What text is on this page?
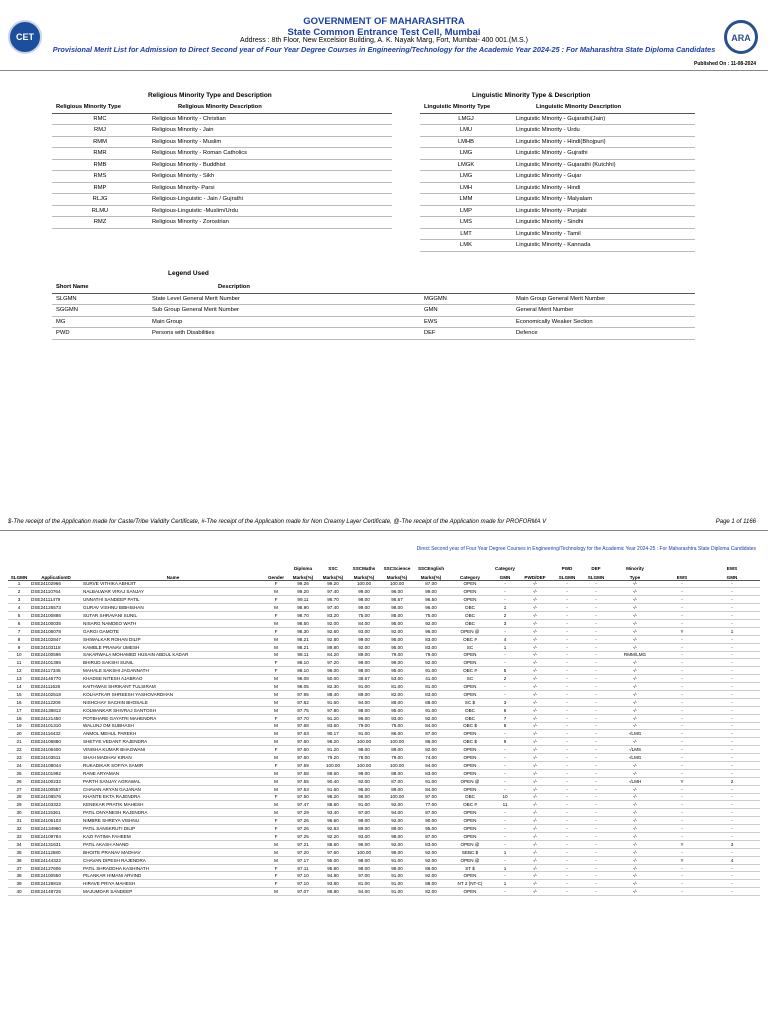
CET
GOVERNMENT OF MAHARASHTRA
State Common Entrance Test Cell, Mumbai
Address : 8th Floor, New Excelsior Building, A. K. Nayak Marg, Fort, Mumbai- 400 001.(M.S.)
Provisional Merit List for Admission to Direct Second year of Four Year Degree Courses in Engineering/Technology for the Academic Year 2024-25 : For Maharashtra State Diploma Candidates
Published On : 11-08-2024
ARA
Religious Minority Type and Description
Religious Minority Type	Religious Minority Description
RMC	Religious Minority - Christian
RMJ	Religious Minority - Jain
RMM	Religious Minority - Muslim
RMR	Religious Minority - Roman Catholics
RMB	Religious Minority - Buddhist
RMS	Religious Minority - Sikh
RMP	Religious Minority- Parsi
RLJG	Religious-Linguistic - Jain / Gujrathi
RLMU	Religious-Linguistic -Muslim/Urdu
RMZ	Religious Minority - Zorostrian
Linguistic Minority Type & Description
Linguistic Minority Type	Linguistic Minority Description
LMGJ	Linguistic Minority - Gujarathi(Jain)
LMU	Linguistic Minority - Urdu
LMHB	Linguistic Minority - Hindi(Bhojpuri)
LMG	Linguistic Minority - Gujrathi
LMGK	Linguistic Minority - Gujarathi (Kutchhi)
LMG	Linguistic Minority - Gujar
LMH	Linguistic Minority - Hindi
LMM	Linguistic Minority - Malyalam
LMP	Linguistic Minority - Punjabi
LMS	Linguistic Minority - Sindhi
LMT	Linguistic Minority - Tamil
LMK	Linguistic Minority - Kannada
Legend Used
Short Name	Description		
SLGMN	State Level General Merit Number	MGGMN	Main Group General Merit Number
SGGMN	Sub Group General Merit Number	GMN	General Merit Number
MG	Main Group	EWS	Economically Weaker Section
PWD	Persons with Disabilities	DEF	Defence
$-The receipt of the Application made for Caste/Tribe Validity Certificate, #-The receipt of the Application made for Non Creamy Layer Certificate, @-The receipt of the Application made for PROFORMA V	Page 1 of 1166
Direct Second year of Four Year Degree Courses in Engineering/Technology for the Academic Year 2024-25 : For Maharashtra State Diploma Candidates
				Diploma	SSC	SSCMaths	SSCScience	SSCEnglish		Category		PWD	DEF	Minority		EWS
SLGMN	ApplicationID	Name	Gender	Marks(%)	Marks(%)	Marks(%)	Marks(%)	Marks(%)	Category	GMN	PWD/DEF	SLGMN	SLGMN	Type	EWS	GMN
1	DSE24102966	SURVE VITHIKA ABHIJIT	F	99.26	99.20	100.00	100.00	87.00	OPEN	-	-/-	-	-	-/-	-	-
2	DSE24110764	NALBALWAR VIRAJ SANJAY	M	99.20	97.40	99.00	96.00	99.00	OPEN	-	-/-	-	-	-/-	-	-
3	DSE24111479	UNNATHI SANDEEP PATIL	F	99.11	96.70	98.00	95.67	96.50	OPEN	-	-/-	-	-	-/-	-	-
4	DSE24126573	GURAV VISHNU BIBHISHAN	M	98.90	97.40	99.00	98.00	96.00	OBC	1	-/-	-	-	-/-	-	-
5	DSE24100886	SUTAR SHRAVANI SUNIL	F	98.70	83.20	75.00	88.00	75.00	OBC	2	-/-	-	-	-/-	-	-
6	DSE24100035	NISARG NAMDEO WATH	M	98.50	92.00	84.00	95.00	92.00	OBC	3	-/-	-	-	-/-	-	-
7	DSE24105078	GARGI GAMOTE	F	98.30	92.60	93.00	92.00	96.00	OPEN @	-	-/-	-	-	-/-	Y	1
8	DSE24102847	SHIWALKAR ROHAN DILIP	M	98.21	92.80	99.00	95.00	83.00	OBC #	4	-/-	-	-	-/-	-	-
9	DSE24103118	KAMBLE PRANAV UMESH	M	98.21	89.80	92.00	95.00	83.00	SC	1	-/-	-	-	-/-	-	-
10	DSE24100596	SAKARWALA MOHAMED HUSAIN ABDUL KADAR	M	98.11	84.20	89.00	79.00	79.00	OPEN	-	-/-	-	-	RMM/LMG	-	-
11	DSE24101365	BHIRUD SAKSHI SUNIL	F	98.10	97.20	99.00	99.00	92.00	OPEN	-	-/-	-	-	-/-	-	-
12	DSE24117345	MAHALE SAKSHI JAGANNATH	F	98.10	96.00	98.00	95.00	91.00	OBC #	5	-/-	-	-	-/-	-	-
13	DSE24146770	KHADSE NITESH AJABRAO	M	98.08	50.00	38.67	53.00	41.00	SC	2	-/-	-	-	-/-	-	-
14	DSE24111626	KAITHWAS SHRIKANT TULSIRAM	M	98.05	82.30	91.00	81.00	81.00	OPEN	-	-/-	-	-	-/-	-	-
15	DSE24102518	KOLHATKAR SHREESH YASHOVARDHAN	M	97.95	88.40	89.00	82.00	83.00	OPEN	-	-/-	-	-	-/-	-	-
16	DSE24112206	NISHCHAY SACHIN BHOSALE	M	97.82	91.60	94.00	88.00	88.00	SC $	3	-/-	-	-	-/-	-	-
17	DSE24138812	KOLWANKAR SHIVRAJ SANTOSH	M	97.75	97.80	98.00	95.00	91.00	OBC	6	-/-	-	-	-/-	-	-
18	DSE24121450	POTBHARE GAYATRI MAHENDRA	F	97.70	91.20	96.00	93.00	92.00	OBC	7	-/-	-	-	-/-	-	-
19	DSE24101310	WALUNJ OM SUBHASH	M	97.68	83.60	79.00	75.00	84.00	OBC $	8	-/-	-	-	-/-	-	-
20	DSE24116432	ANMOL MEHUL PAREKH	M	97.63	90.17	91.00	86.00	87.00	OPEN	-	-/-	-	-	-/LMG	-	-
21	DSE24108880	SHETYE VEDANT RAJENDRA	M	97.60	98.20	100.00	100.00	86.00	OBC $	9	-/-	-	-	-/-	-	-
22	DSE24106400	VINISHA KUMAR BHAGWANI	F	97.60	91.20	98.00	89.00	82.00	OPEN	-	-/-	-	-	-/LMS	-	-
23	DSE24103511	SHAH MADHAV KIRAN	M	97.60	79.20	78.00	79.00	74.00	OPEN	-	-/-	-	-	-/LMG	-	-
24	DSE24108044	RUKADIKAR SOFIYA SAMIR	F	97.59	100.00	100.00	100.00	94.00	OPEN	-	-/-	-	-	-/-	-	-
25	DSE24101992	RANE ARYAMAN	M	97.58	89.60	99.00	88.00	83.00	OPEN	-	-/-	-	-	-/-	-	-
26	DSE24100232	PARTH SANJAY AGRAWAL	M	97.55	90.40	92.00	87.00	91.00	OPEN @	-	-/-	-	-	-/LMH	Y	2
27	DSE24100557	CHAVAN ARYAN GAJANAN	M	97.53	91.60	96.00	89.00	84.00	OPEN	-	-/-	-	-	-/-	-	-
28	DSE24108576	KHANTE EKTA RAJENDRA	F	97.50	98.20	96.00	100.00	97.00	OBC	10	-/-	-	-	-/-	-	-
29	DSE24103322	KENEKAR PRATIK MAHESH	M	97.47	88.60	91.00	92.00	77.00	OBC #	11	-/-	-	-	-/-	-	-
30	DSE24115361	PATIL DNYANESH RAJENDRA	M	97.29	93.40	97.00	94.00	87.00	OPEN	-	-/-	-	-	-/-	-	-
31	DSE24106103	NIMBRE SHREYA VISHNU	F	97.26	96.60	99.00	92.00	90.00	OPEN	-	-/-	-	-	-/-	-	-
32	DSE24134960	PATIL SANSKRUTI DILIP	F	97.26	92.83	89.00	89.00	95.00	OPEN	-	-/-	-	-	-/-	-	-
33	DSE24109784	KAZI FATIMA FAHEEM	F	97.25	92.20	93.00	98.00	87.00	OPEN	-	-/-	-	-	-/-	-	-
34	DSE24131631	PATIL AKASH ANAND	M	97.21	88.60	96.00	92.00	83.00	OPEN @	-	-/-	-	-	-/-	Y	3
35	DSE24112580	BHOITE PRANAV MADHAV	M	97.20	97.60	100.00	96.00	92.00	SEBC $	1	-/-	-	-	-/-	-	-
36	DSE24144322	CHAVAN DIPESH RAJENDRA	M	97.17	95.00	98.00	91.00	92.00	OPEN @	-	-/-	-	-	-/-	Y	4
37	DSE24127606	PATIL SHRADDHA KASHINATH	F	97.11	95.80	98.00	96.00	86.00	ST $	1	-/-	-	-	-/-	-	-
38	DSE24100550	PILANKAR HIMANI ARVIND	F	97.10	94.80	97.00	91.00	92.00	OPEN	-	-/-	-	-	-/-	-	-
39	DSE24128818	HIRAVE PRIYA MAHESH	F	97.10	93.80	81.00	91.00	88.00	NT 2 (NT-C)	1	-/-	-	-	-/-	-	-
40	DSE24148725	MAJUMDAR SANDEEP	M	97.07	86.80	94.00	91.00	82.00	OPEN	-	-/-	-	-	-/-	-	-
